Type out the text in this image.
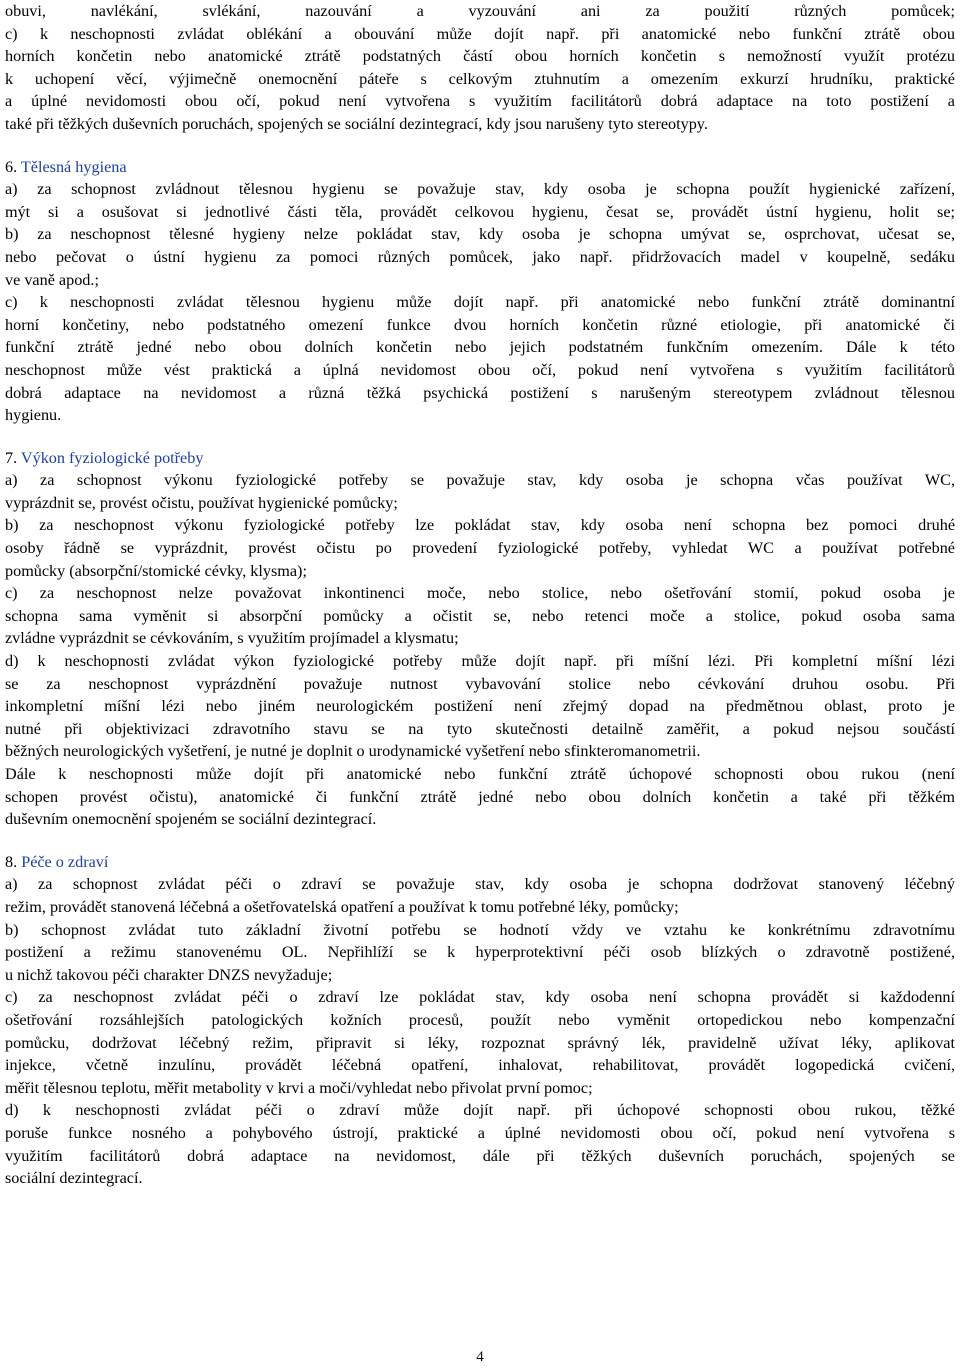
obuvi, navlékání, svlékání, nazouvání a vyzouvání ani za použití různých pomůcek;

c) k neschopnosti zvládat oblékání a obouvání může dojít např. při anatomické nebo funkční ztrátě obou

horních končetin nebo anatomické ztrátě podstatných částí obou horních končetin s nemožností využít protézu

k uchopení věcí, výjimečně onemocnění páteře s celkovým ztuhnutím a omezením exkurzí hrudníku, praktické

a úplné nevidomosti obou očí, pokud není vytvořena s využitím facilitátorů dobrá adaptace na toto postižení a

také při těžkých duševních poruchách, spojených se sociální dezintegrací, kdy jsou narušeny tyto stereotypy.

6. Tělesná hygiena

a) za schopnost zvládnout tělesnou hygienu se považuje stav, kdy osoba je schopna použít hygienické zařízení,

mýt si a osušovat si jednotlivé části těla, provádět celkovou hygienu, česat se, provádět ústní hygienu, holit se;

b) za neschopnost tělesné hygieny nelze pokládat stav, kdy osoba je schopna umývat se, osprchovat, učesat se,

nebo pečovat o ústní hygienu za pomoci různých pomůcek, jako např. přidržovacích madel v koupelně, sedáku

ve vaně apod.;

c) k neschopnosti zvládat tělesnou hygienu může dojít např. při anatomické nebo funkční ztrátě dominantní

horní končetiny, nebo podstatného omezení funkce dvou horních končetin různé etiologie, při anatomické či

funkční ztrátě jedné nebo obou dolních končetin nebo jejich podstatném funkčním omezením. Dále k této

neschopnost může vést praktická a úplná nevidomost obou očí, pokud není vytvořena s využitím facilitátorů

dobrá adaptace na nevidomost a různá těžká psychická postižení s narušeným stereotypem zvládnout tělesnou

hygienu.

7. Výkon fyziologické potřeby

a) za schopnost výkonu fyziologické potřeby se považuje stav, kdy osoba je schopna včas používat WC,

vyprázdnit se, provést očistu, používat hygienické pomůcky;

b) za neschopnost výkonu fyziologické potřeby lze pokládat stav, kdy osoba není schopna bez pomoci druhé

osoby řádně se vyprázdnit, provést očistu po provedení fyziologické potřeby, vyhledat WC a používat potřebné

pomůcky (absorpční/stomické cévky, klysma);

c) za neschopnost nelze považovat inkontinenci moče, nebo stolice, nebo ošetřování stomií, pokud osoba je

schopna sama vyměnit si absorpční pomůcky a očistit se, nebo retenci moče a stolice, pokud osoba sama

zvládne vyprázdnit se cévkováním, s využitím projímadel a klysmatu;

d) k neschopnosti zvládat výkon fyziologické potřeby může dojít např. při míšní lézi. Při kompletní míšní lézi

se za neschopnost vyprázdnění považuje nutnost vybavování stolice nebo cévkování druhou osobu. Při

inkompletní míšní lézi nebo jiném neurologickém postižení není zřejmý dopad na předmětnou oblast, proto je

nutné při objektivizaci zdravotního stavu se na tyto skutečnosti detailně zaměřit, a pokud nejsou součástí

běžných neurologických vyšetření, je nutné je doplnit o urodynamické vyšetření nebo sfinkteromanometrii.

Dále k neschopnosti může dojít při anatomické nebo funkční ztrátě úchopové schopnosti obou rukou (není

schopen provést očistu), anatomické či funkční ztrátě jedné nebo obou dolních končetin a také při těžkém

duševním onemocnění spojeném se sociální dezintegrací.

8. Péče o zdraví

a) za schopnost zvládat péči o zdraví se považuje stav, kdy osoba je schopna dodržovat stanovený léčebný

režim, provádět stanovená léčebná a ošetřovatelská opatření a používat k tomu potřebné léky, pomůcky;

b) schopnost zvládat tuto základní životní potřebu se hodnotí vždy ve vztahu ke konkrétnímu zdravotnímu

postižení a režimu stanovenému OL. Nepřihlíží se k hyperprotektivní péči osob blízkých o zdravotně postižené,

u nichž takovou péči charakter DNZS nevyžaduje;

c) za neschopnost zvládat péči o zdraví lze pokládat stav, kdy osoba není schopna provádět si každodenní

ošetřování rozsáhlejších patologických kožních procesů, použít nebo vyměnit ortopedickou nebo kompenzační

pomůcku, dodržovat léčebný režim, připravit si léky, rozpoznat správný lék, pravidelně užívat léky, aplikovat

injekce, včetně inzulínu, provádět léčebná opatření, inhalovat, rehabilitovat, provádět logopedická cvičení,

měřit tělesnou teplotu, měřit metabolity v krvi a moči/vyhledat nebo přivolat první pomoc;

d) k neschopnosti zvládat péči o zdraví může dojít např. při úchopové schopnosti obou rukou, těžké

poruše funkce nosného a pohybového ústrojí, praktické a úplné nevidomosti obou očí, pokud není vytvořena s

využitím facilitátorů dobrá adaptace na nevidomost, dále při těžkých duševních poruchách, spojených se

sociální dezintegrací.

4
